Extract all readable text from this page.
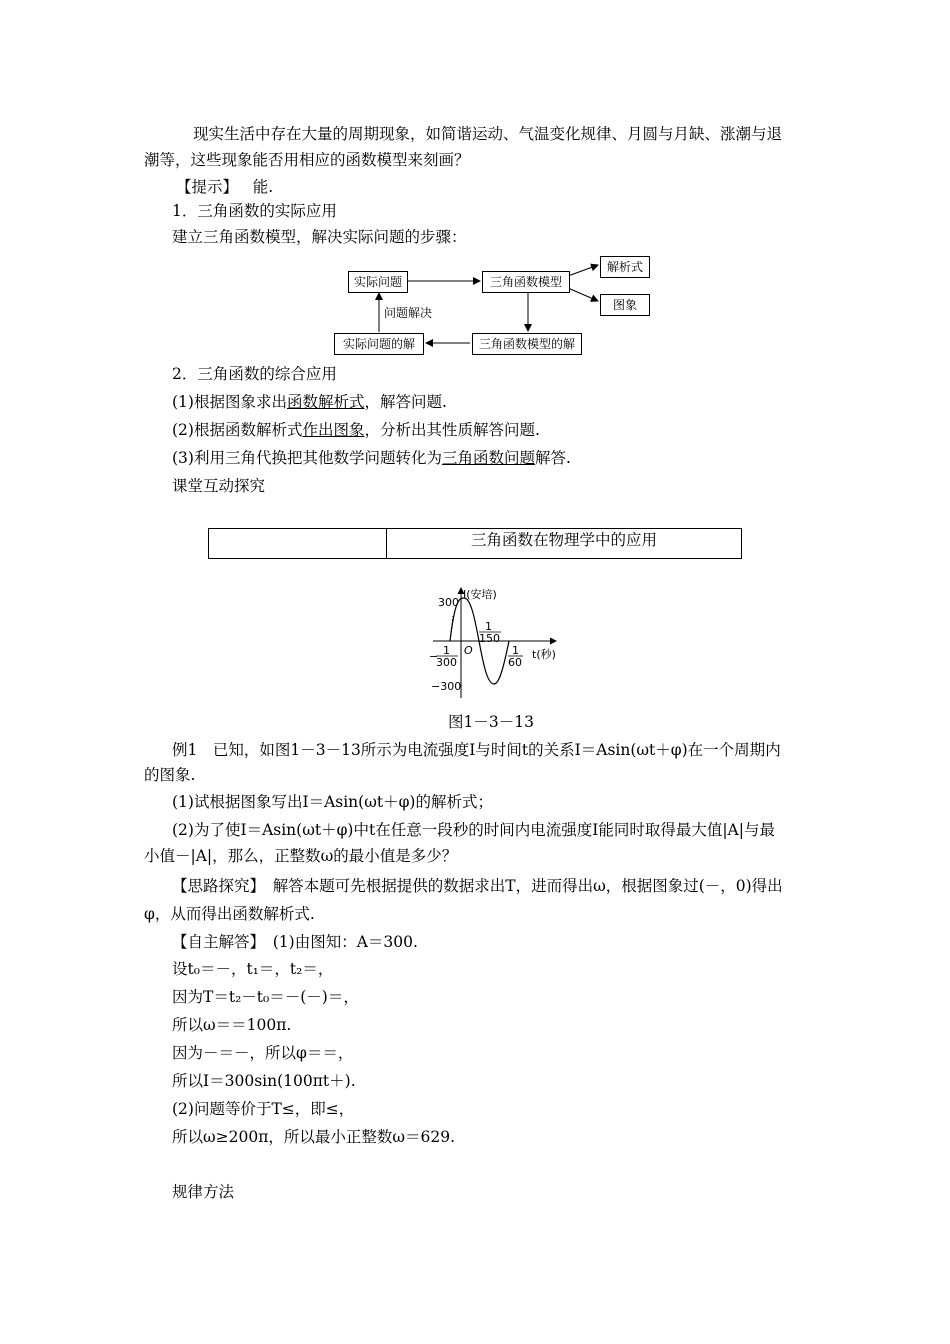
现实生活中存在大量的周期现象，如简谐运动、气温变化规律、月圆与月缺、涨潮与退
潮等，这些现象能否用相应的函数模型来刻画？
【提示】 能.
1．三角函数的实际应用
建立三角函数模型，解决实际问题的步骤：
实际问题	三角函数模型
解析式
图象
问题解决
实际问题的解	三角函数模型的解
2．三角函数的综合应用
(1)根据图象求出函数解析式，解答问题.
(2)根据函数解析式作出图象，分析出其性质解答问题.
(3)利用三角代换把其他数学问题转化为三角函数问题解答.
课堂互动探究
三角函数在物理学中的应用
I(安培)
300
−300
O	t(秒)
1
150
1
60
− 1
300
图1－3－13
例1　已知，如图1－3－13所示为电流强度I与时间t的关系I＝Asin(ωt＋φ)在一个周期内
的图象.
(1)试根据图象写出I＝Asin(ωt＋φ)的解析式；
(2)为了使I＝Asin(ωt＋φ)中t在任意一段秒的时间内电流强度I能同时取得最大值|A|与最
小值－|A|，那么，正整数ω的最小值是多少？
【思路探究】　解答本题可先根据提供的数据求出T，进而得出ω，根据图象过(－，0)得出
φ，从而得出函数解析式.
【自主解答】　(1)由图知：A＝300.
设t₀＝－，t₁＝，t₂＝，
因为T＝t₂－t₀＝－(－)＝，
所以ω＝＝100π.
因为－＝－，所以φ＝＝，
所以I＝300sin(100πt＋).
(2)问题等价于T≤，即≤，
所以ω≥200π，所以最小正整数ω＝629.
规律方法
